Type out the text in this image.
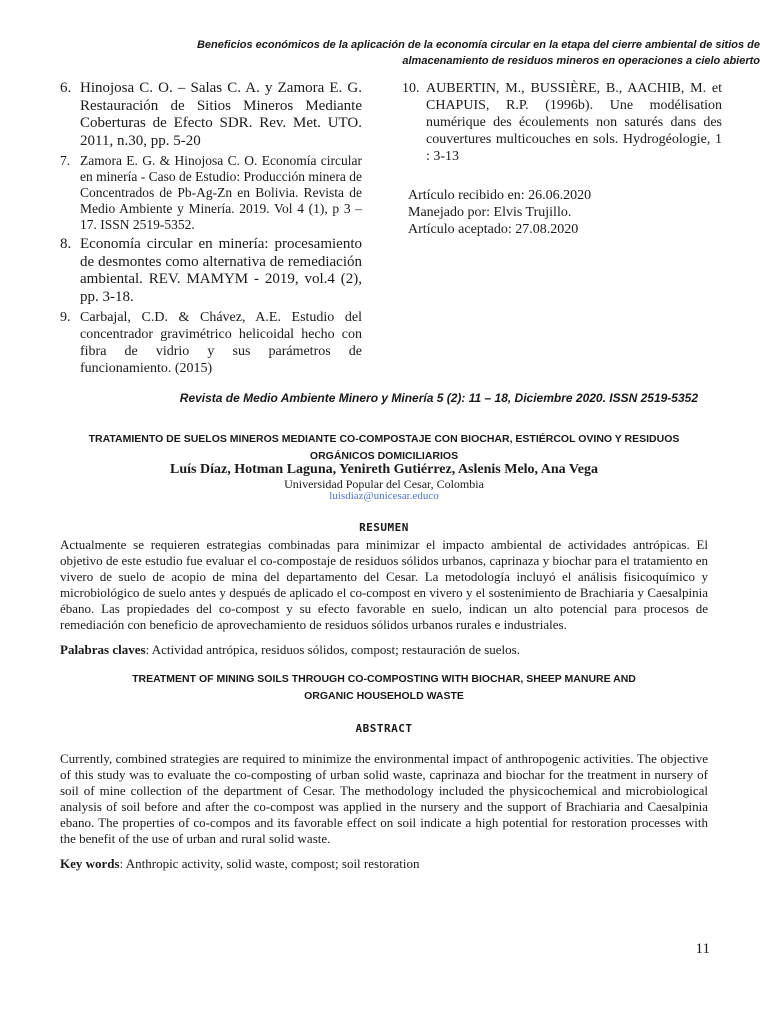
Beneficios económicos de la aplicación de la economía circular en la etapa del cierre ambiental de sitios de almacenamiento de residuos mineros en operaciones a cielo abierto
6. Hinojosa C. O. – Salas C. A. y Zamora E. G. Restauración de Sitios Mineros Mediante Coberturas de Efecto SDR. Rev. Met. UTO. 2011, n.30, pp. 5-20
7. Zamora E. G. & Hinojosa C. O. Economía circular en minería - Caso de Estudio: Producción minera de Concentrados de Pb-Ag-Zn en Bolivia. Revista de Medio Ambiente y Minería. 2019. Vol 4 (1), p 3 – 17. ISSN 2519-5352.
8. Economía circular en minería: procesamiento de desmontes como alternativa de remediación ambiental. REV. MAMYM - 2019, vol.4 (2), pp. 3-18.
9. Carbajal, C.D. & Chávez, A.E. Estudio del concentrador gravimétrico helicoidal hecho con fibra de vidrio y sus parámetros de funcionamiento. (2015)
10. AUBERTIN, M., BUSSIÈRE, B., AACHIB, M. et CHAPUIS, R.P. (1996b). Une modélisation numérique des écoulements non saturés dans des couvertures multicouches en sols. Hydrogéologie, 1 : 3-13
Artículo recibido en: 26.06.2020
Manejado por: Elvis Trujillo.
Artículo aceptado: 27.08.2020
Revista de Medio Ambiente Minero y Minería 5 (2): 11 – 18, Diciembre 2020. ISSN 2519-5352
TRATAMIENTO DE SUELOS MINEROS MEDIANTE CO-COMPOSTAJE CON BIOCHAR, ESTIÉRCOL OVINO Y RESIDUOS
ORGÁNICOS DOMICILIARIOS
Luís Díaz, Hotman Laguna, Yenireth Gutiérrez, Aslenis Melo, Ana Vega
Universidad Popular del Cesar, Colombia
luisdiaz@unicesar.educo
RESUMEN
Actualmente se requieren estrategias combinadas para minimizar el impacto ambiental de actividades antrópicas. El objetivo de este estudio fue evaluar el co-compostaje de residuos sólidos urbanos, caprinaza y biochar para el tratamiento en vivero de suelo de acopio de mina del departamento del Cesar. La metodología incluyó el análisis fisicoquímico y microbiológico de suelo antes y después de aplicado el co-compost en vivero y el sostenimiento de Brachiaria y Caesalpinia ébano. Las propiedades del co-compost y su efecto favorable en suelo, indican un alto potencial para procesos de remediación con beneficio de aprovechamiento de residuos sólidos urbanos rurales e industriales.
Palabras claves: Actividad antrópica, residuos sólidos, compost; restauración de suelos.
TREATMENT OF MINING SOILS THROUGH CO-COMPOSTING WITH BIOCHAR, SHEEP MANURE AND
ORGANIC HOUSEHOLD WASTE
ABSTRACT
Currently, combined strategies are required to minimize the environmental impact of anthropogenic activities. The objective of this study was to evaluate the co-composting of urban solid waste, caprinaza and biochar for the treatment in nursery of soil of mine collection of the department of Cesar. The methodology included the physicochemical and microbiological analysis of soil before and after the co-compost was applied in the nursery and the support of Brachiaria and Caesalpinia ebano. The properties of co-compos and its favorable effect on soil indicate a high potential for restoration processes with the benefit of the use of urban and rural solid waste.
Key words: Anthropic activity, solid waste, compost; soil restoration
11
